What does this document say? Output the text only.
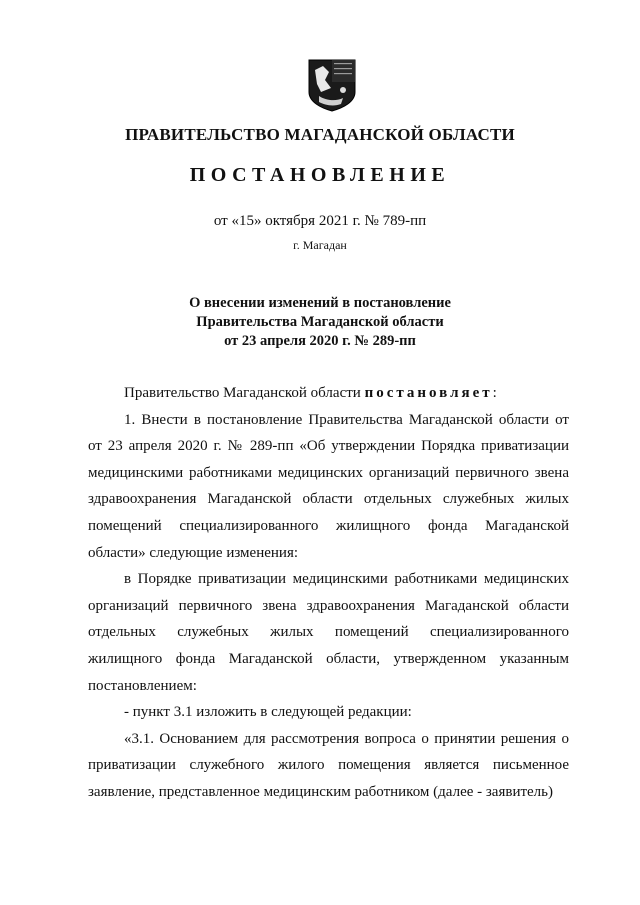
ПРАВИТЕЛЬСТВО МАГАДАНСКОЙ ОБЛАСТИ
ПОСТАНОВЛЕНИЕ
от «15» октября 2021 г. № 789-пп
г. Магадан
О внесении изменений в постановление
Правительства Магаданской области
от 23 апреля 2020 г. № 289-пп

Правительство Магаданской области постановляет:

1. Внести в постановление Правительства Магаданской области от от 23 апреля 2020 г. № 289-пп «Об утверждении Порядка приватизации медицинскими работниками медицинских организаций первичного звена здравоохранения Магаданской области отдельных служебных жилых помещений специализированного жилищного фонда Магаданской области» следующие изменения:

в Порядке приватизации медицинскими работниками медицинских организаций первичного звена здравоохранения Магаданской области отдельных служебных жилых помещений специализированного жилищного фонда Магаданской области, утвержденном указанным постановлением:

- пункт 3.1 изложить в следующей редакции:

«3.1. Основанием для рассмотрения вопроса о принятии решения о приватизации служебного жилого помещения является письменное заявление, представленное медицинским работником (далее - заявитель)
